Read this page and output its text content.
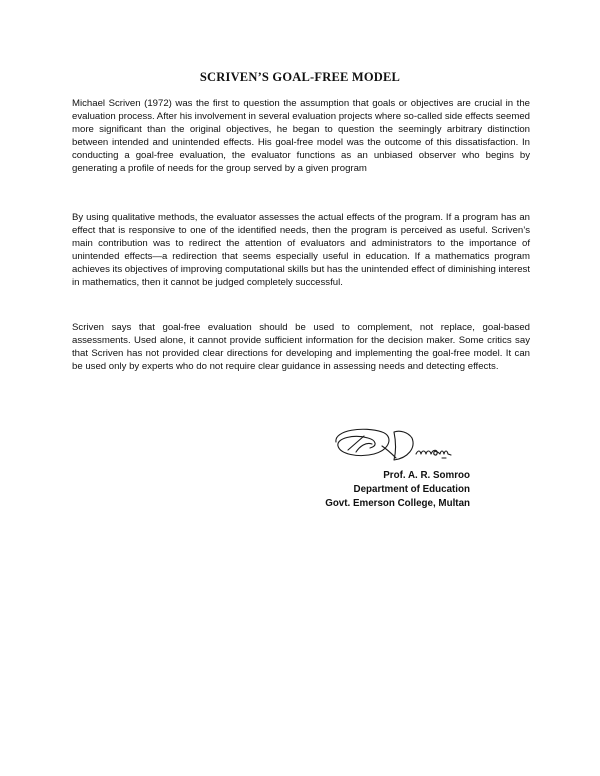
SCRIVEN’S GOAL-FREE MODEL

Michael Scriven (1972) was the first to question the assumption that goals or objectives are crucial in the evaluation process. After his involvement in several evaluation projects where so-called side effects seemed more significant than the original objectives, he began to question the seemingly arbitrary distinction between intended and unintended effects. His goal-free model was the outcome of this dissatisfaction. In conducting a goal-free evaluation, the evaluator functions as an unbiased observer who begins by generating a profile of needs for the group served by a given program

By using qualitative methods, the evaluator assesses the actual effects of the program. If a program has an effect that is responsive to one of the identified needs, then the program is perceived as useful. Scriven’s main contribution was to redirect the attention of evaluators and administrators to the importance of unintended effects—a redirection that seems especially useful in education. If a mathematics program achieves its objectives of improving computational skills but has the unintended effect of diminishing interest in mathematics, then it cannot be judged completely successful.

Scriven says that goal-free evaluation should be used to complement, not replace, goal-based assessments. Used alone, it cannot provide sufficient information for the decision maker. Some critics say that Scriven has not provided clear directions for developing and implementing the goal-free model. It can be used only by experts who do not require clear guidance in assessing needs and detecting effects.

Prof. A. R. Somroo
Department of Education
Govt. Emerson College, Multan
